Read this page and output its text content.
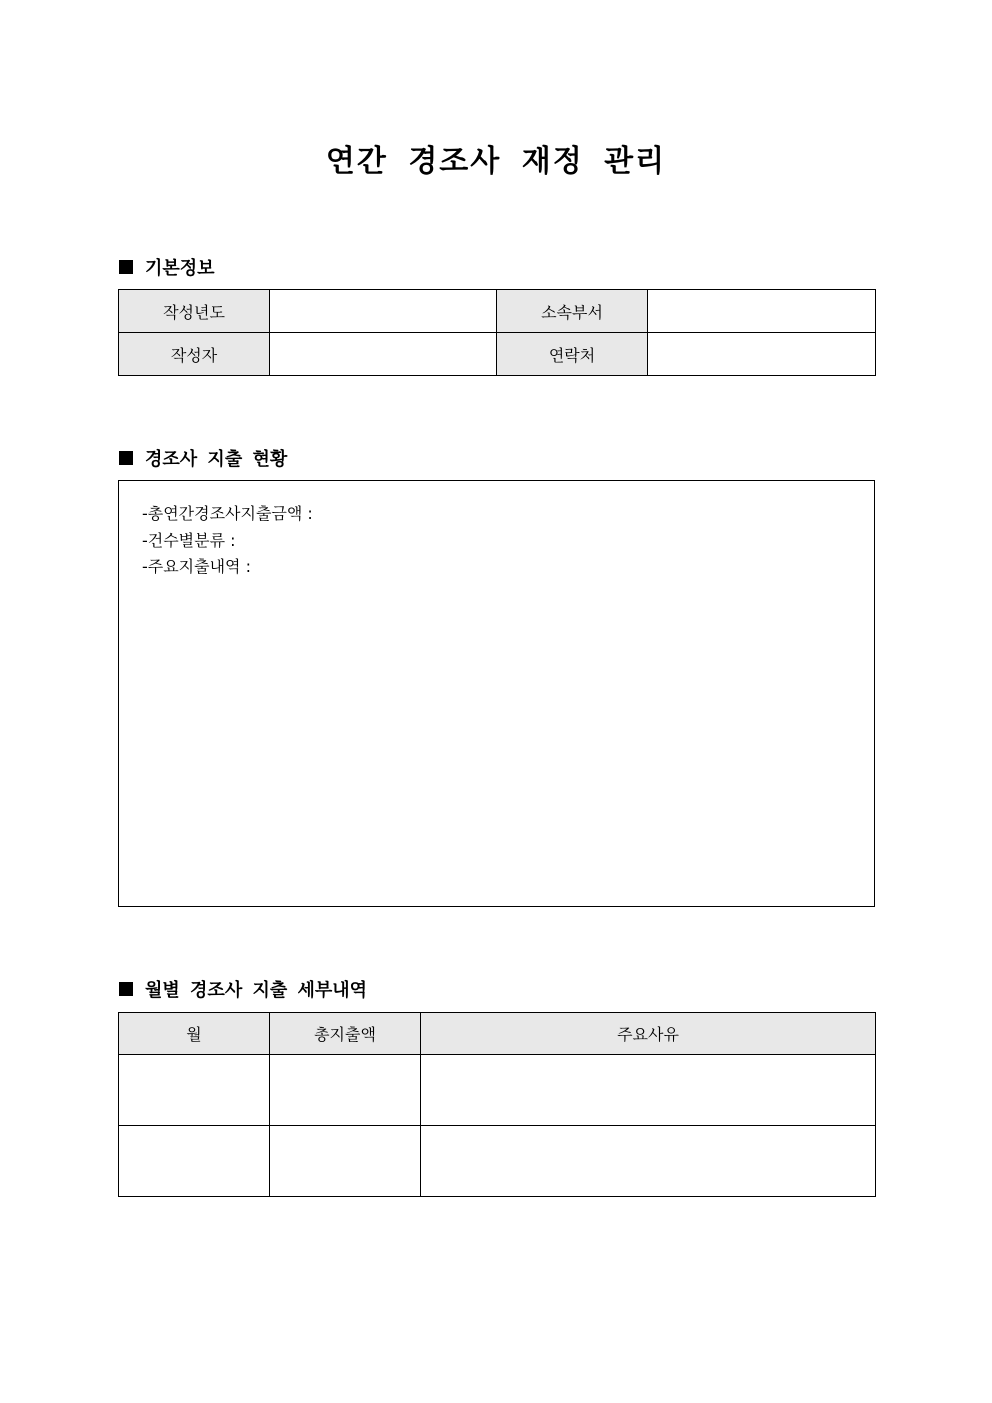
연간 경조사 재정 관리
기본정보
작성년도		소속부서	
작성자		연락처	
경조사 지출 현황
-총연간경조사지출금액 :
-건수별분류 :
-주요지출내역 :
월별 경조사 지출 세부내역
월	총지출액	주요사유
